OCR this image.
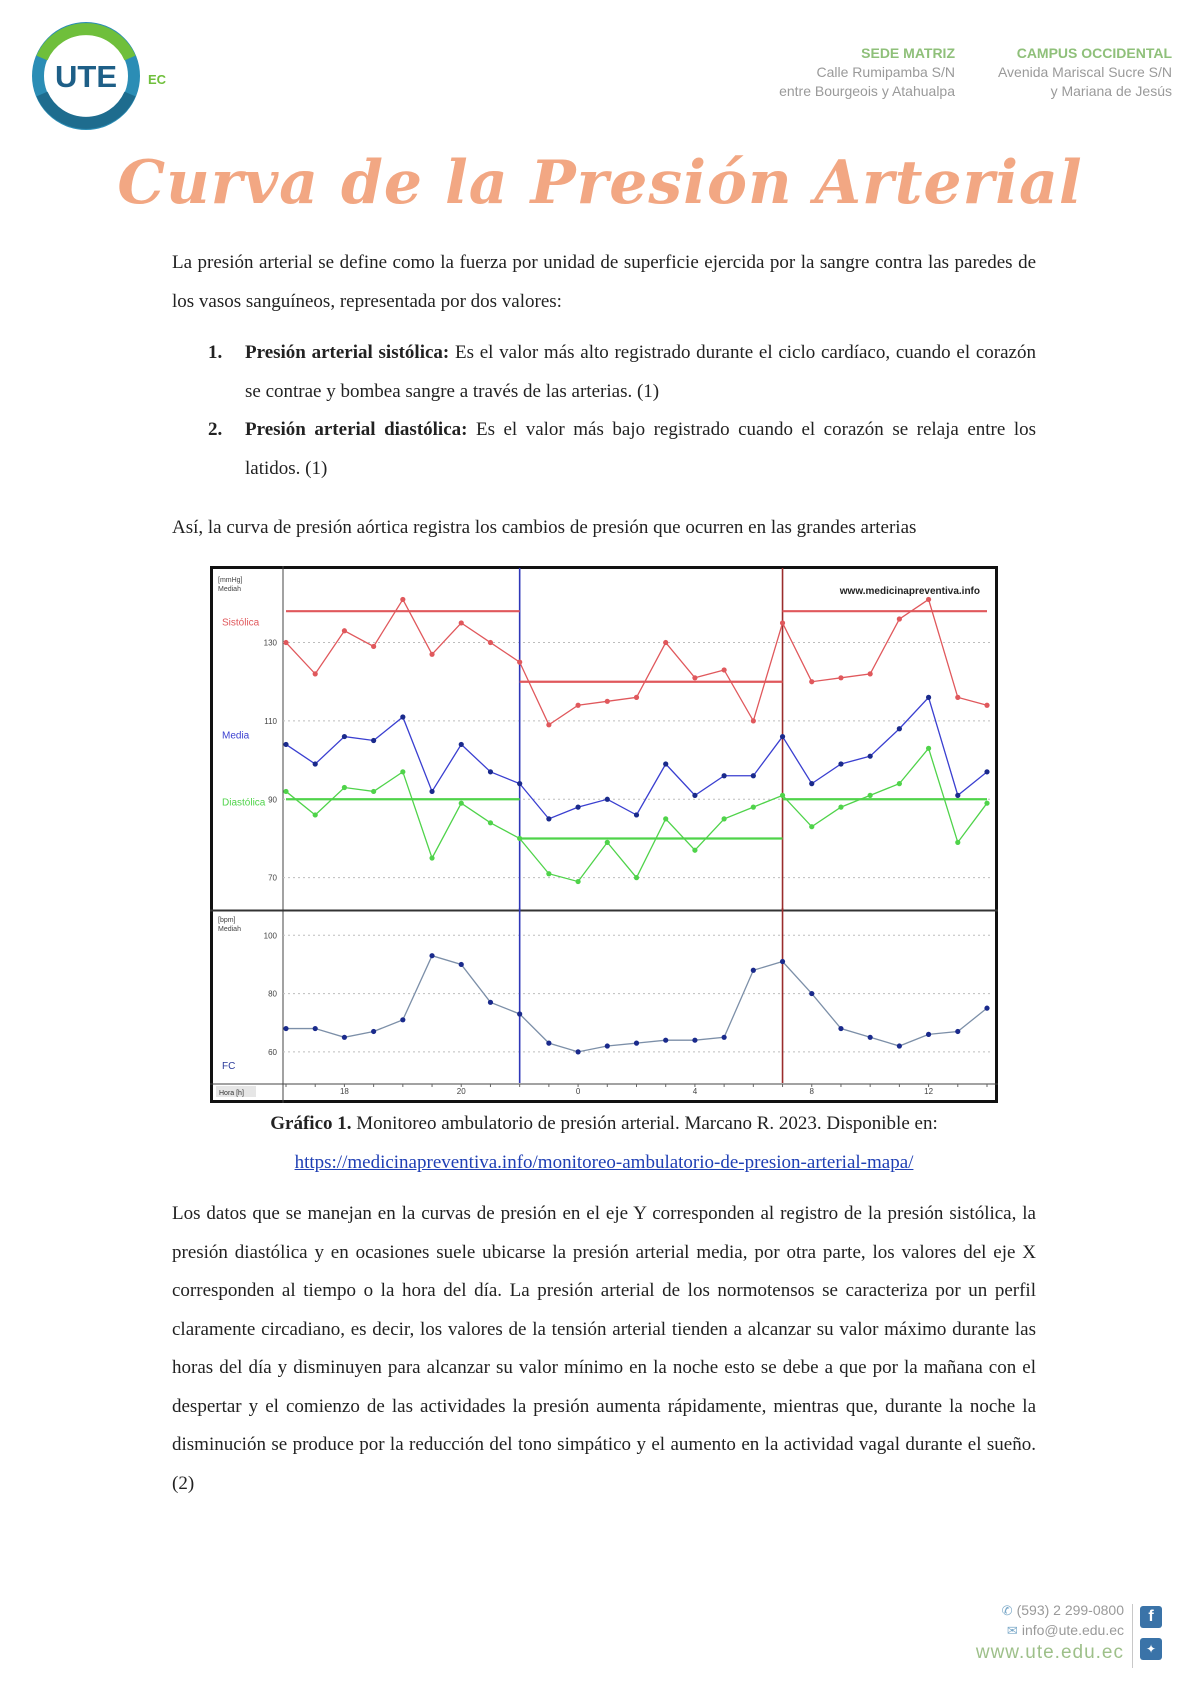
UTE EC
SEDE MATRIZ
Calle Rumipamba S/N
entre Bourgeois y Atahualpa
CAMPUS OCCIDENTAL
Avenida Mariscal Sucre S/N
y Mariana de Jesús
Curva de la Presión Arterial

La presión arterial se define como la fuerza por unidad de superficie ejercida por la sangre contra las paredes de los vasos sanguíneos, representada por dos valores:

1. Presión arterial sistólica: Es el valor más alto registrado durante el ciclo cardíaco, cuando el corazón se contrae y bombea sangre a través de las arterias. (1)
2. Presión arterial diastólica: Es el valor más bajo registrado cuando el corazón se relaja entre los latidos. (1)

Así, la curva de presión aórtica registra los cambios de presión que ocurren en las grandes arterias

70
90
110
130
[mmHg]
Mediah
Sistólica
Media
Diastólica
www.medicinapreventiva.info
60
80
100
[bpm]
Mediah
FC
18	20	0	4	8	12
Hora [h]

Gráfico 1. Monitoreo ambulatorio de presión arterial. Marcano R. 2023. Disponible en:
https://medicinapreventiva.info/monitoreo-ambulatorio-de-presion-arterial-mapa/

Los datos que se manejan en la curvas de presión en el eje Y corresponden al registro de la presión sistólica, la presión diastólica y en ocasiones suele ubicarse la presión arterial media, por otra parte, los valores del eje X corresponden al tiempo o la hora del día. La presión arterial de los normotensos se caracteriza por un perfil claramente circadiano, es decir, los valores de la tensión arterial tienden a alcanzar su valor máximo durante las horas del día y disminuyen para alcanzar su valor mínimo en la noche esto se debe a que por la mañana con el despertar y el comienzo de las actividades la presión aumenta rápidamente, mientras que, durante la noche la disminución se produce por la reducción del tono simpático y el aumento en la actividad vagal durante el sueño. (2)

✆ (593) 2 299-0800
✉ info@ute.edu.ec
www.ute.edu.ec
f
✦
